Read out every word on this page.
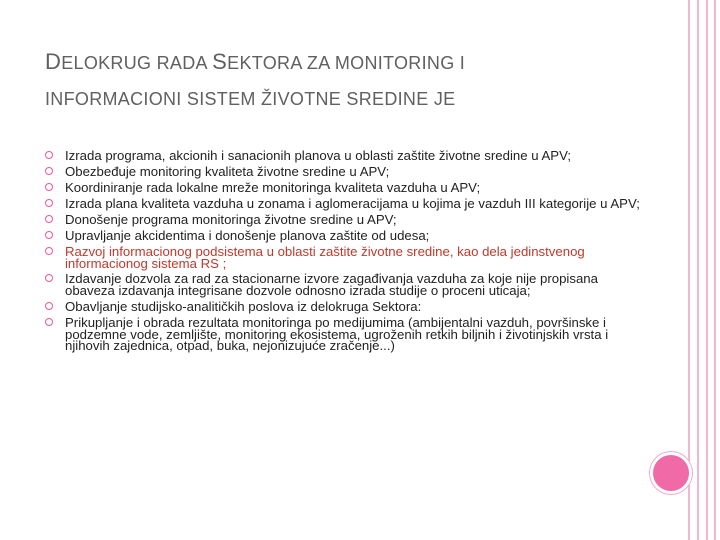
DELOKRUG RADA SEKTORA ZA MONITORING I
INFORMACIONI SISTEM ŽIVOTNE SREDINE JE
Izrada programa, akcionih i sanacionih planova u oblasti zaštite životne sredine u APV;
Obezbeđuje monitoring kvaliteta životne sredine u APV;
Koordiniranje rada lokalne mreže monitoringa kvaliteta vazduha u APV;
Izrada plana kvaliteta vazduha u zonama i aglomeracijama u kojima je vazduh III kategorije u APV;
Donošenje programa monitoringa životne sredine u APV;
Upravljanje akcidentima i donošenje planova zaštite od udesa;
Razvoj informacionog podsistema u oblasti zaštite životne sredine, kao dela jedinstvenog informacionog sistema RS ;
Izdavanje dozvola za rad za stacionarne izvore zagađivanja vazduha za koje nije propisana obaveza izdavanja integrisane dozvole odnosno izrada studije o proceni uticaja;
Obavljanje studijsko-analitičkih poslova iz delokruga Sektora:
Prikupljanje i obrada rezultata monitoringa po medijumima (ambijentalni vazduh, površinske i podzemne vode, zemljište, monitoring ekosistema, ugroženih retkih biljnih i životinjskih vrsta i njihovih zajednica, otpad, buka, nejonizujuće zračenje...)
